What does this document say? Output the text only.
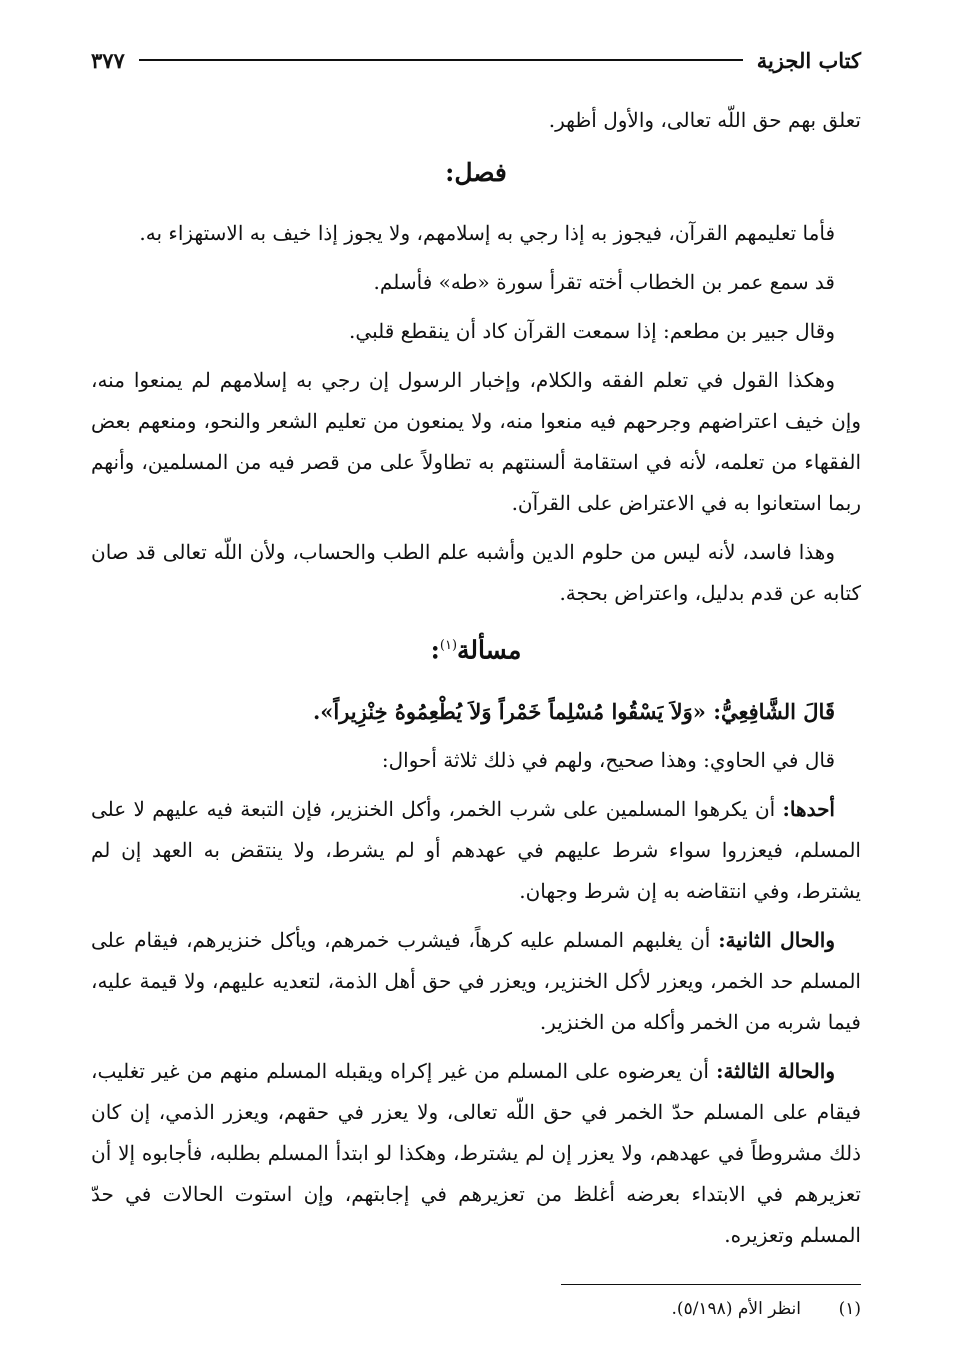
كتاب الجزية
٣٧٧

تعلق بهم حق اللّه تعالى، والأول أظهر.

فصل:

فأما تعليمهم القرآن، فيجوز به إذا رجي به إسلامهم، ولا يجوز إذا خيف به الاستهزاء به.

قد سمع عمر بن الخطاب أخته تقرأ سورة «طه» فأسلم.

وقال جبير بن مطعم: إذا سمعت القرآن كاد أن ينقطع قلبي.

وهكذا القول في تعلم الفقه والكلام، وإخبار الرسول إن رجي به إسلامهم لم يمنعوا منه، وإن خيف اعتراضهم وجرحهم فيه منعوا منه، ولا يمنعون من تعليم الشعر والنحو، ومنعهم بعض الفقهاء من تعلمه، لأنه في استقامة ألسنتهم به تطاولاً على من قصر فيه من المسلمين، وأنهم ربما استعانوا به في الاعتراض على القرآن.

وهذا فاسد، لأنه ليس من حلوم الدين وأشبه علم الطب والحساب، ولأن اللّه تعالى قد صان كتابه عن قدم بدليل، واعتراض بحجة.

مسألة$^{(١)}$:

قَالَ الشَّافِعِيُّ: «وَلاَ يَسْقُوا مُسْلِماً خَمْراً وَلاَ يُطْعِمُوهُ خِنْزِيراً».

قال في الحاوي: وهذا صحيح، ولهم في ذلك ثلاثة أحوال:

أحدها: أن يكرهوا المسلمين على شرب الخمر، وأكل الخنزير، فإن التبعة فيه عليهم لا على المسلم، فيعزروا سواء شرط عليهم في عهدهم أو لم يشرط، ولا ينتقض به العهد إن لم يشترط، وفي انتقاضه به إن شرط وجهان.

والحال الثانية: أن يغلبهم المسلم عليه كرهاً، فيشرب خمرهم، ويأكل خنزيرهم، فيقام على المسلم حد الخمر، ويعزر لأكل الخنزير، ويعزر في حق أهل الذمة، لتعديه عليهم، ولا قيمة عليه، فيما شربه من الخمر وأكله من الخنزير.

والحالة الثالثة: أن يعرضوه على المسلم من غير إكراه ويقبله المسلم منهم من غير تغليب، فيقام على المسلم حدّ الخمر في حق اللّه تعالى، ولا يعزر في حقهم، ويعزر الذمي، إن كان ذلك مشروطاً في عهدهم، ولا يعزر إن لم يشترط، وهكذا لو ابتدأ المسلم بطلبه، فأجابوه إلا أن تعزيرهم في الابتداء بعرضه أغلظ من تعزيرهم في إجابتهم، وإن استوت الحالات في حدّ المسلم وتعزيره.

(١)
انظر الأم (٥/١٩٨).
